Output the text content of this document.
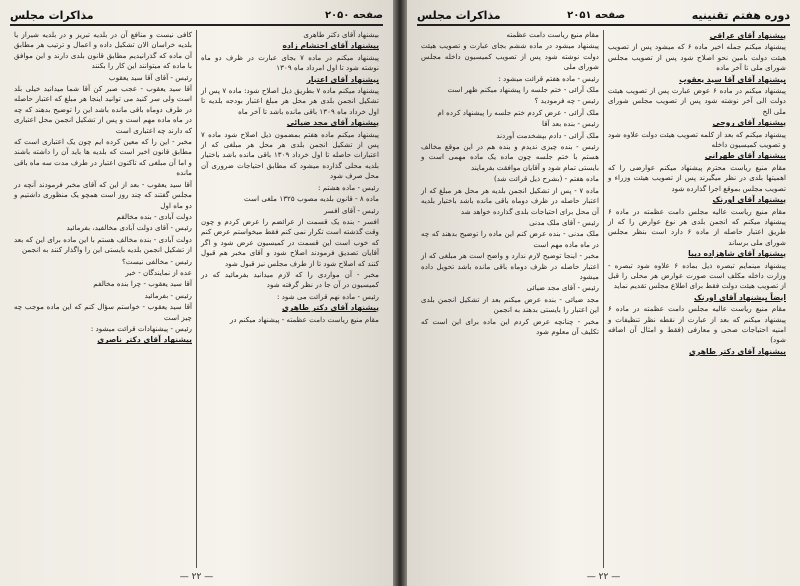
صفحه ۲۰۵۰
مذاکرات مجلس

بیشنهاد آقای دکتر طاهری

پیشنهاد آقای احتشام زاده

پیشنهاد میکنم در ماده ۷ بجای عبارت در ظرف دو ماه نوشته شود تا اول امرداد ماه ۱۳۰۹

پیشنهاد آقای اعتبار

پیشنهاد میکنم ماده ۷ بطریق ذیل اصلاح شود: ماده ۷ پس از تشکیل انجمن بلدی هر محل هر مبلغ اعتبار بودجه بلدیه تا اول خرداد ماه ۱۳۰۹ باقی مانده باشد تا آخر ماه

پیشنهاد آقای مجد ضیائی

پیشنهاد میکنم ماده هفتم بمضمون ذیل اصلاح شود ماده ۷ پس از تشکیل انجمن بلدی هر محل هر مبلغی که از اعتبارات حاصله تا اول خرداد ۱۳۰۹ باقی مانده باشد باختیار بلدیه محلی گذارده میشود که مطابق احتیاجات ضروری آن محل صرف شود

رئیس - ماده هشتم :

ماده ۸ - قانون بلدیه مصوب ۱۳۲۵ ملغی است

رئیس - آقای افسر

افسر - بنده یک قسمت از عرائضم را عرض کردم و چون وقت گذشته است تکرار نمی کنم فقط میخواستم عرض کنم که خوب است این قسمت در کمیسیون عرض شود و اگر آقایان تصدیق فرمودند اصلاح شود و آقای مخبر هم قبول کنند که اصلاح شود تا از طرف مجلس نیز قبول شود

مخبر - آن مواردی را که لازم میدانید بفرمائید که در کمیسیون در آن جا در نظر گرفته شود

رئیس - ماده نهم قرائت می شود :

پیشنهاد آقای دکتر طاهری

مقام منیع ریاست دامت عظمته - پیشنهاد میکنم در

کافی نیست و منافع آن در بلدیه تبریز و در بلدیه شیراز یا بلدیه خراسان الان تشکیل داده و اعمال و ترتیب هر مطابق آن ماده که گذرانیدیم مطابق قانون بلدی دارند و این موافق با ماده که میتوانند این کار را بکنند

رئیس - آقای آقا سید یعقوب

آقا سید یعقوب - عجب صبر کن آقا شما میدانید خیلی بلد است ولی سر کنید می توانید اینجا هر مبلغ که اعتبار حاصله در طرف دوماه باقی مانده باشد این را توضیح بدهند که چه در ماه ماده مهم است و پس از تشکیل انجمن محل اعتباری که دارند چه اعتباری است

مخبر - این را که معین کرده ایم چون یک اعتباری است که مطابق قانون اخیر است که بلدیه ها باید آن را داشته باشند و اما آن مبلغی که تاکنون اعتبار در طرف مدت سه ماه باقی مانده

آقا سید یعقوب - بعد از این که آقای مخبر فرمودند آنچه در مجلس گفتند که چند روز است همچو یک منظوری داشتیم و دو ماه اول

دولت آبادی - بنده مخالفم

رئیس - آقای دولت آبادی مخالفید، بفرمائید

دولت آبادی - بنده مخالف هستم با این ماده برای این که بعد از تشکیل انجمن بلدیه بایستی این را واگذار کنند به انجمن

رئیس - مخالفی نیست؟

عده از نمایندگان - خیر

آقا سید یعقوب - چرا بنده مخالفم

رئیس - بفرمائید

آقا سید یعقوب - خواستم سؤال کنم که این ماده موجب چه چیز است

رئیس - پیشنهادات قرائت میشود :

پیشنهاد آقای دکتر ناصری

— ۲۲ —
دوره هفتم تقنینیه
صفحه ۲۰۵۱
مذاکرات مجلس

پیشنهاد آقای عراقی

پیشنهاد میکنم جمله اخیر ماده ۶ که میشود پس از تصویب هیئت دولت بامین نحو اصلاح شود پس از تصویب مجلس شورای ملی تا آخر ماده

پیشنهاد آقای آقا سید یعقوب

پیشنهاد میکنم در ماده ۶ عوض عبارت پس از تصویب هیئت دولت الی آخر نوشته شود پس از تصویب مجلس شورای ملی الخ

پیشنهاد آقای روحی

پیشنهاد میکنم که بعد از کلمه تصویب هیئت دولت علاوه شود و تصویب کمیسیون داخله

پیشنهاد آقای طهرانی

مقام منیع ریاست محترم پیشنهاد میکنم عوارضی را که اهمیتها بلدی در نظر میگیرند پس از تصویب هیئت وزراء و تصویب مجلس بموقع اجرا گذارده شود

پیشنهاد آقای اورنک

مقام منیع ریاست عالیه مجلس دامت عظمته در ماده ۶ پیشنهاد میکنم که انجمن بلدی هر نوع عوارض را که از طریق اعتبار حاصله از ماده ۶ دارد است بنظر مجلس شورای ملی برساند

پیشنهاد آقای شاهزاده دیبا

پیشنهاد مینمایم تبصره ذیل بماده ۶ علاوه شود تبصره - وزارت داخله مکلف است صورت عوارض هر محلی را قبل از تصویب هیئت دولت فقط برای اطلاع مجلس تقدیم نماید

ایضاً پیشنهاد آقای اورنک

مقام منیع ریاست عالیه مجلس دامت عظمته در ماده ۶ پیشنهاد میکنم که بعد از عبارت از نقطه نظر تنظیفات و امنیه احتیاجات صحی و معارفی (فقط و امثال آن اضافه شود)

پیشنهاد آقای دکتر طاهری

مقام منیع ریاست دامت عظمته

پیشنهاد میشود در ماده ششم بجای عبارت و تصویب هیئت دولت نوشته شود پس از تصویب کمیسیون داخله مجلس شورای ملی

رئیس - ماده هفتم قرائت میشود :

ملک آرائی - ختم جلسه را پیشنهاد میکنم ظهر است

رئیس - چه فرمودید ؟

ملک آرائی - عرض کردم ختم جلسه را پیشنهاد کرده ام

رئیس - بنده بعد آقا

ملک آرائی - دادم بپشخدمت آوردند

رئیس - بنده چیزی ندیدم و بنده هم در این موقع مخالف هستم با ختم جلسه چون ماده یک ماده مهمی است و بایستی تمام شود و آقایان موافقت بفرمایند

ماده هفتم - (بشرح ذیل قرائت شد)

ماده ۷ - پس از تشکیل انجمن بلدیه هر محل هر مبلغ که از اعتبار حاصله در ظرف دوماه باقی مانده باشد باختیار بلدیه آن محل برای احتیاجات بلدی گذارده خواهد شد

رئیس - آقای ملک مدنی

ملک مدنی - بنده عرض کنم این ماده را توضیح بدهند که چه در ماه ماده مهم است

مخبر - اینجا توضیح لازم ندارد و واضح است هر مبلغی که از اعتبار حاصله در ظرف دوماه باقی مانده باشد تحویل داده میشود

رئیس - آقای مجد ضیائی

مجد ضیائی - بنده عرض میکنم بعد از تشکیل انجمن بلدی این اعتبار را بایستی بدهند به انجمن

مخبر - چنانچه عرض کردم این ماده برای این است که تکلیف آن معلوم شود

— ۲۲ —
